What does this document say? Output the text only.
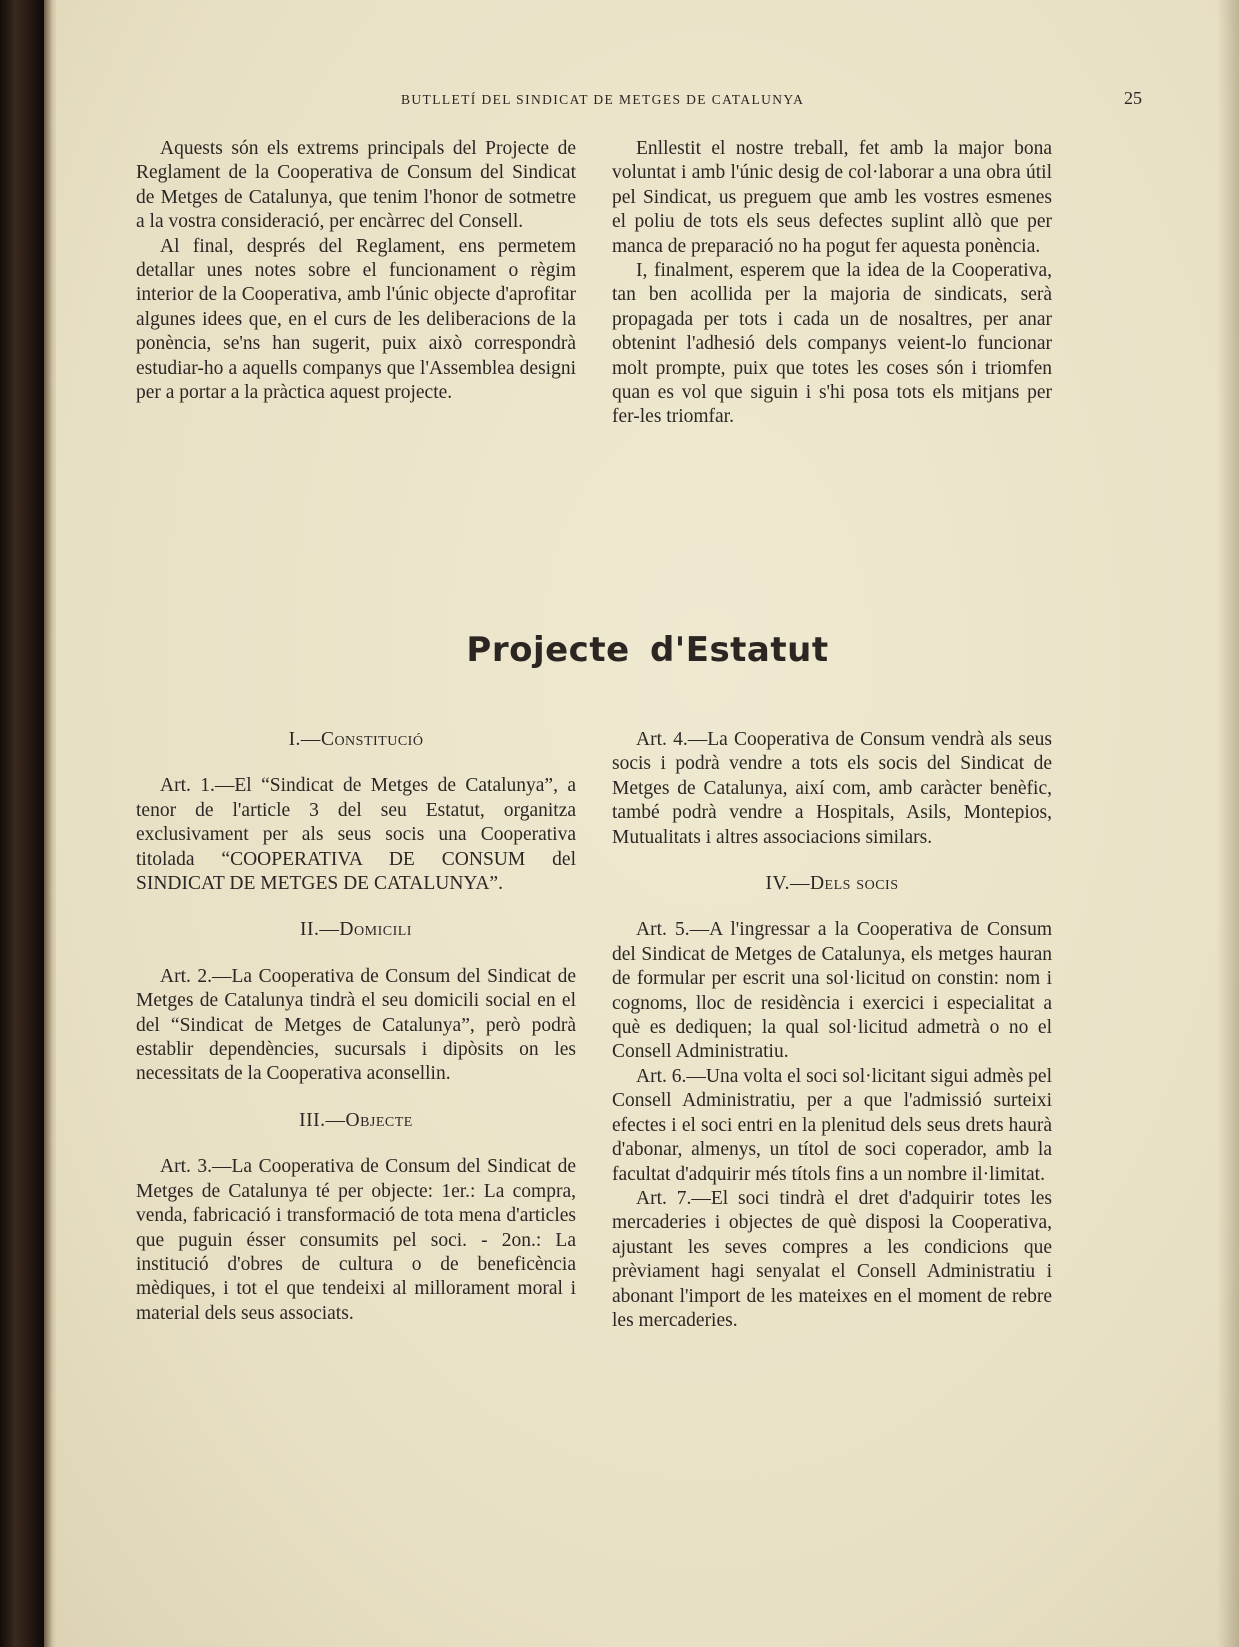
BUTLLETÍ DEL SINDICAT DE METGES DE CATALUNYA	25

Aquests són els extrems principals del Projecte de Reglament de la Cooperativa de Consum del Sindicat de Metges de Catalunya, que tenim l'honor de sotmetre a la vostra consideració, per encàrrec del Consell.

Al final, després del Reglament, ens permetem detallar unes notes sobre el funcionament o règim interior de la Cooperativa, amb l'únic objecte d'aprofitar algunes idees que, en el curs de les deliberacions de la ponència, se'ns han sugerit, puix això correspondrà estudiar-ho a aquells companys que l'Assemblea designi per a portar a la pràctica aquest projecte.

Enllestit el nostre treball, fet amb la major bona voluntat i amb l'únic desig de col·laborar a una obra útil pel Sindicat, us preguem que amb les vostres esmenes el poliu de tots els seus defectes suplint allò que per manca de preparació no ha pogut fer aquesta ponència.

I, finalment, esperem que la idea de la Cooperativa, tan ben acollida per la majoria de sindicats, serà propagada per tots i cada un de nosaltres, per anar obtenint l'adhesió dels companys veient-lo funcionar molt prompte, puix que totes les coses són i triomfen quan es vol que siguin i s'hi posa tots els mitjans per fer-les triomfar.

Projecte d'Estatut

I.—Constitució

Art. 1.—El “Sindicat de Metges de Catalunya”, a tenor de l'article 3 del seu Estatut, organitza exclusivament per als seus socis una Cooperativa titolada “COOPERATIVA DE CONSUM del SINDICAT DE METGES DE CATALUNYA”.

II.—Domicili

Art. 2.—La Cooperativa de Consum del Sindicat de Metges de Catalunya tindrà el seu domicili social en el del “Sindicat de Metges de Catalunya”, però podrà establir dependències, sucursals i dipòsits on les necessitats de la Cooperativa aconsellin.

III.—Objecte

Art. 3.—La Cooperativa de Consum del Sindicat de Metges de Catalunya té per objecte: 1er.: La compra, venda, fabricació i transformació de tota mena d'articles que puguin ésser consumits pel soci. - 2on.: La institució d'obres de cultura o de beneficència mèdiques, i tot el que tendeixi al millorament moral i material dels seus associats.

Art. 4.—La Cooperativa de Consum vendrà als seus socis i podrà vendre a tots els socis del Sindicat de Metges de Catalunya, així com, amb caràcter benèfic, també podrà vendre a Hospitals, Asils, Montepios, Mutualitats i altres associacions similars.

IV.—Dels socis

Art. 5.—A l'ingressar a la Cooperativa de Consum del Sindicat de Metges de Catalunya, els metges hauran de formular per escrit una sol·licitud on constin: nom i cognoms, lloc de residència i exercici i especialitat a què es dediquen; la qual sol·licitud admetrà o no el Consell Administratiu.

Art. 6.—Una volta el soci sol·licitant sigui admès pel Consell Administratiu, per a que l'admissió surteixi efectes i el soci entri en la plenitud dels seus drets haurà d'abonar, almenys, un títol de soci coperador, amb la facultat d'adquirir més títols fins a un nombre il·limitat.

Art. 7.—El soci tindrà el dret d'adquirir totes les mercaderies i objectes de què disposi la Cooperativa, ajustant les seves compres a les condicions que prèviament hagi senyalat el Consell Administratiu i abonant l'import de les mateixes en el moment de rebre les mercaderies.
